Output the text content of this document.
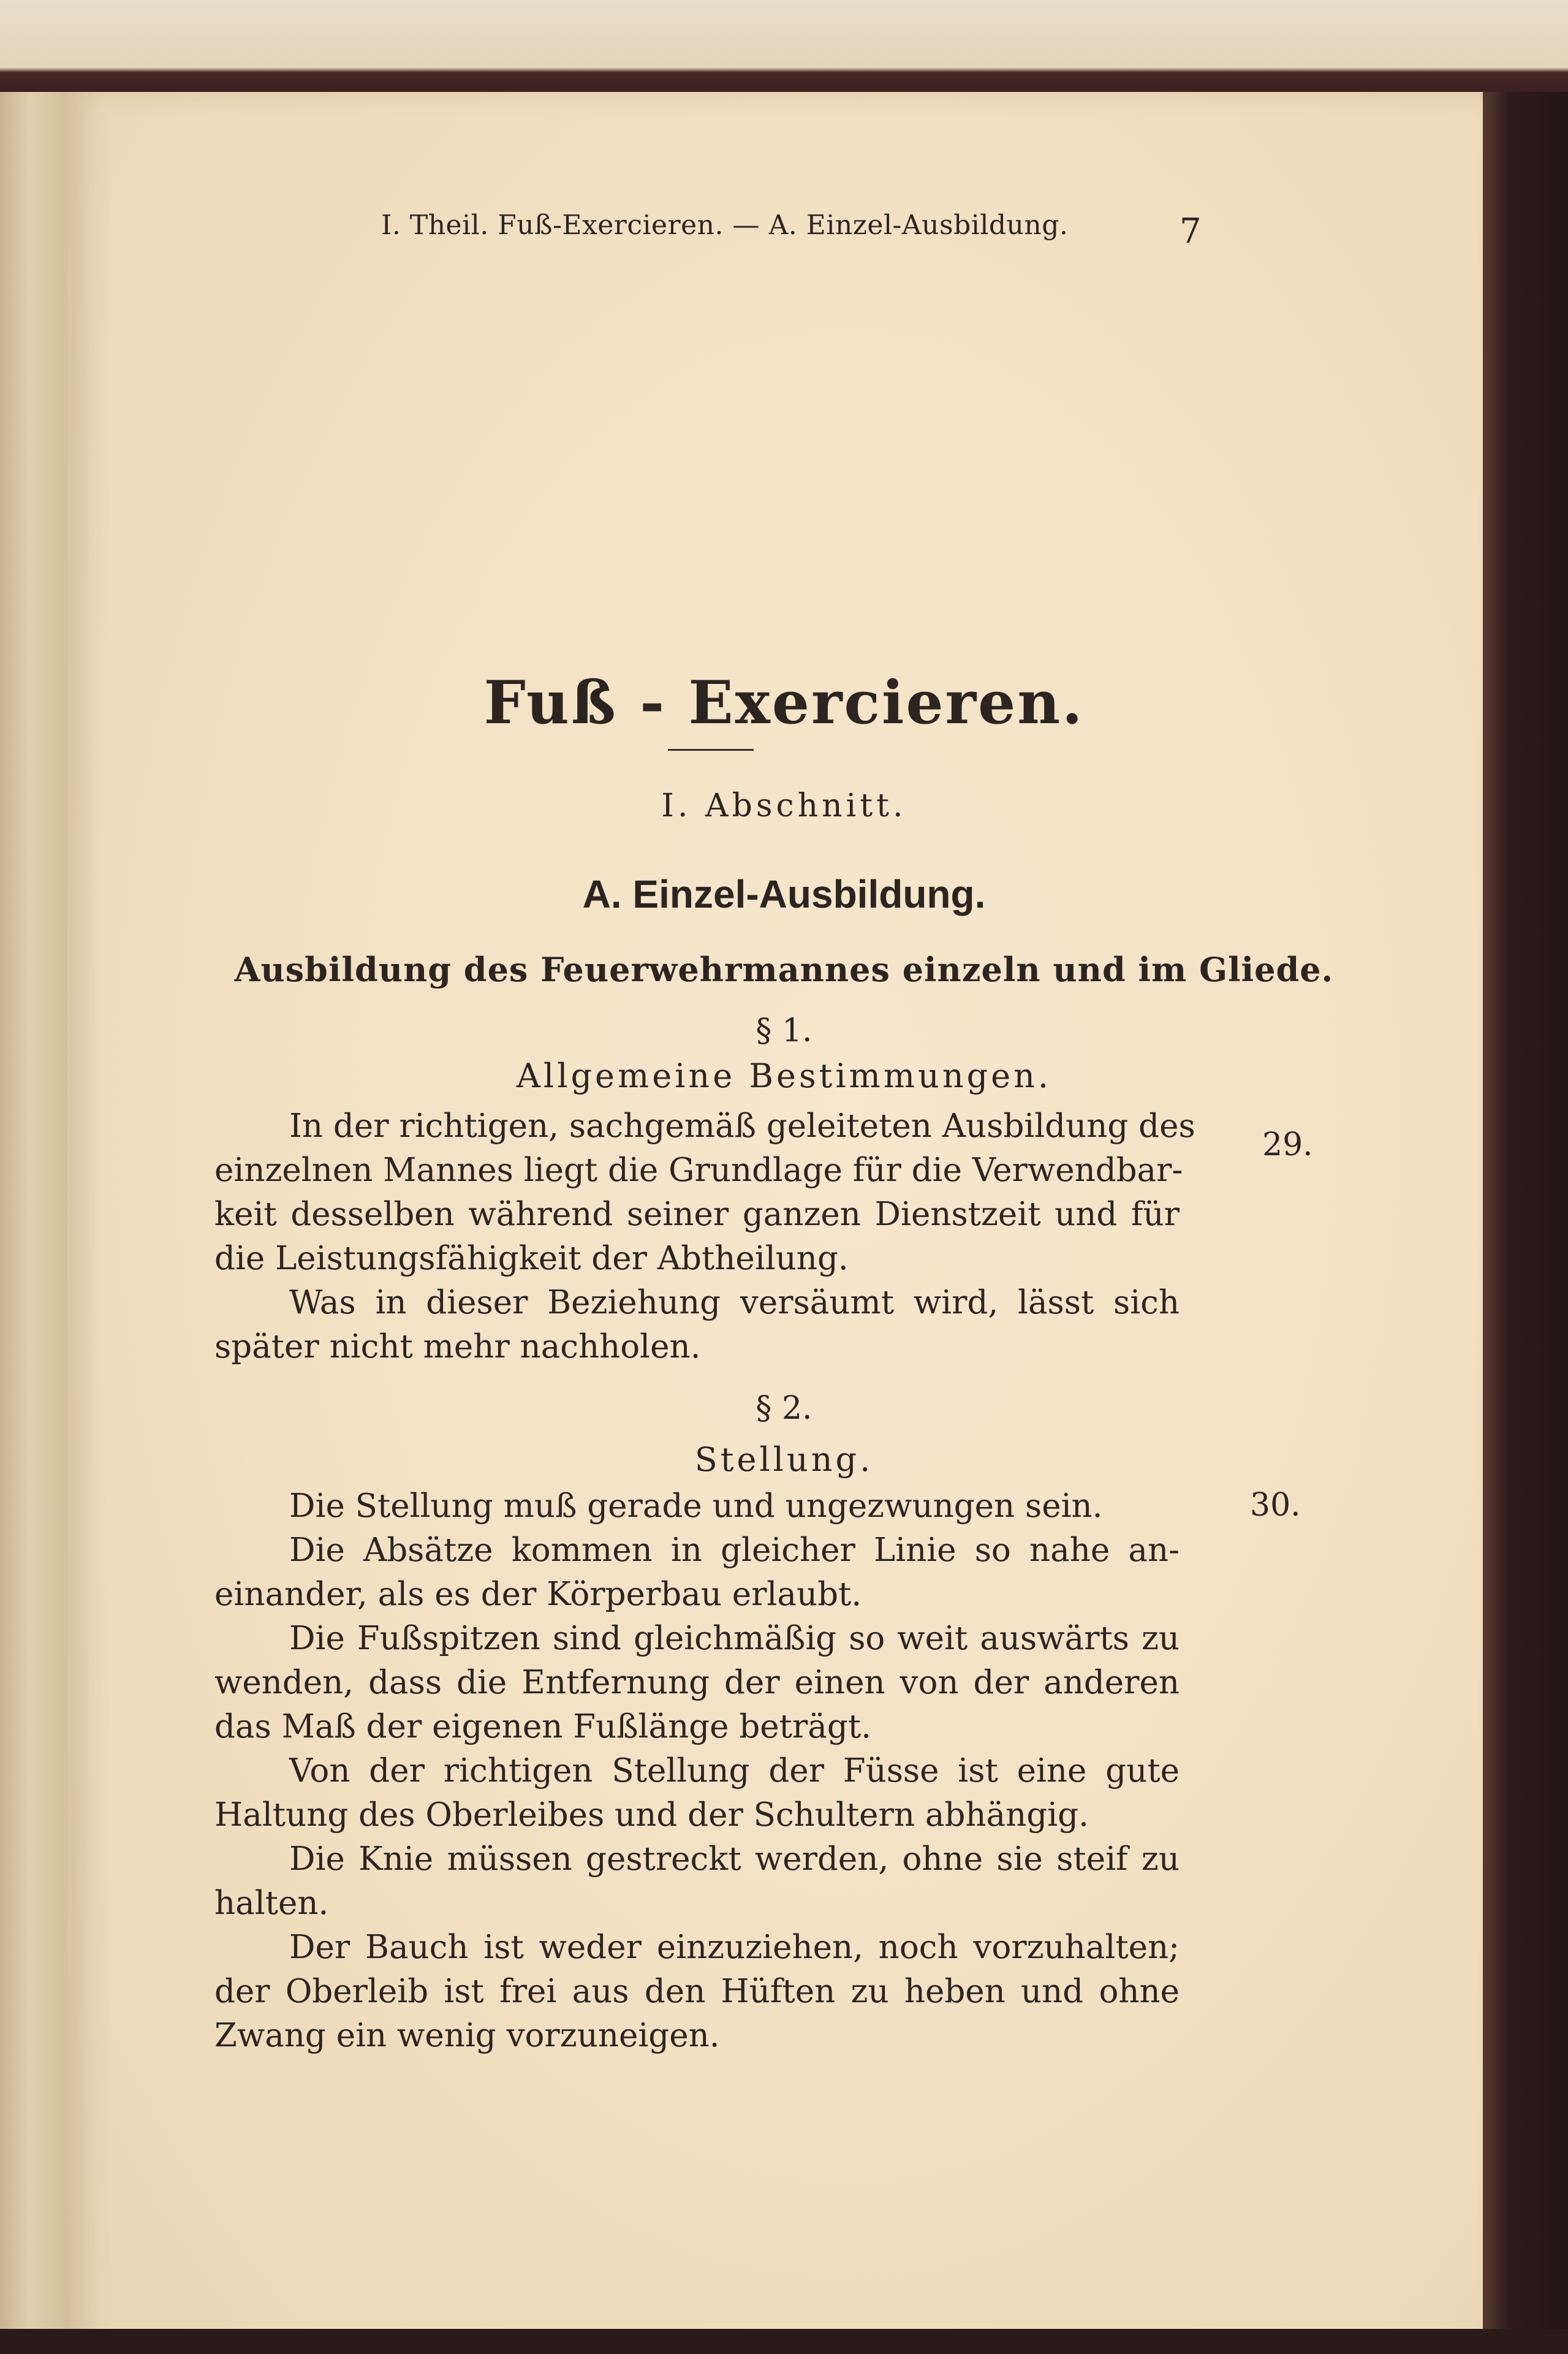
I. Theil. Fuß-Exercieren. — A. Einzel-Ausbildung.	7
Fuß - Exercieren.
I. Abschnitt.
A. Einzel-Ausbildung.
Ausbildung des Feuerwehrmannes einzeln und im Gliede.
§ 1.
Allgemeine Bestimmungen.
29.
In der richtigen, sachgemäß geleiteten Ausbildung des
einzelnen Mannes liegt die Grundlage für die Verwendbar-
keit desselben während seiner ganzen Dienstzeit und für
die Leistungsfähigkeit der Abtheilung.
Was in dieser Beziehung versäumt wird, lässt sich
später nicht mehr nachholen.
§ 2.
Stellung.
30.
Die Stellung muß gerade und ungezwungen sein.
Die Absätze kommen in gleicher Linie so nahe an-
einander, als es der Körperbau erlaubt.
Die Fußspitzen sind gleichmäßig so weit auswärts zu
wenden, dass die Entfernung der einen von der anderen
das Maß der eigenen Fußlänge beträgt.
Von der richtigen Stellung der Füsse ist eine gute
Haltung des Oberleibes und der Schultern abhängig.
Die Knie müssen gestreckt werden, ohne sie steif zu
halten.
Der Bauch ist weder einzuziehen, noch vorzuhalten;
der Oberleib ist frei aus den Hüften zu heben und ohne
Zwang ein wenig vorzuneigen.
